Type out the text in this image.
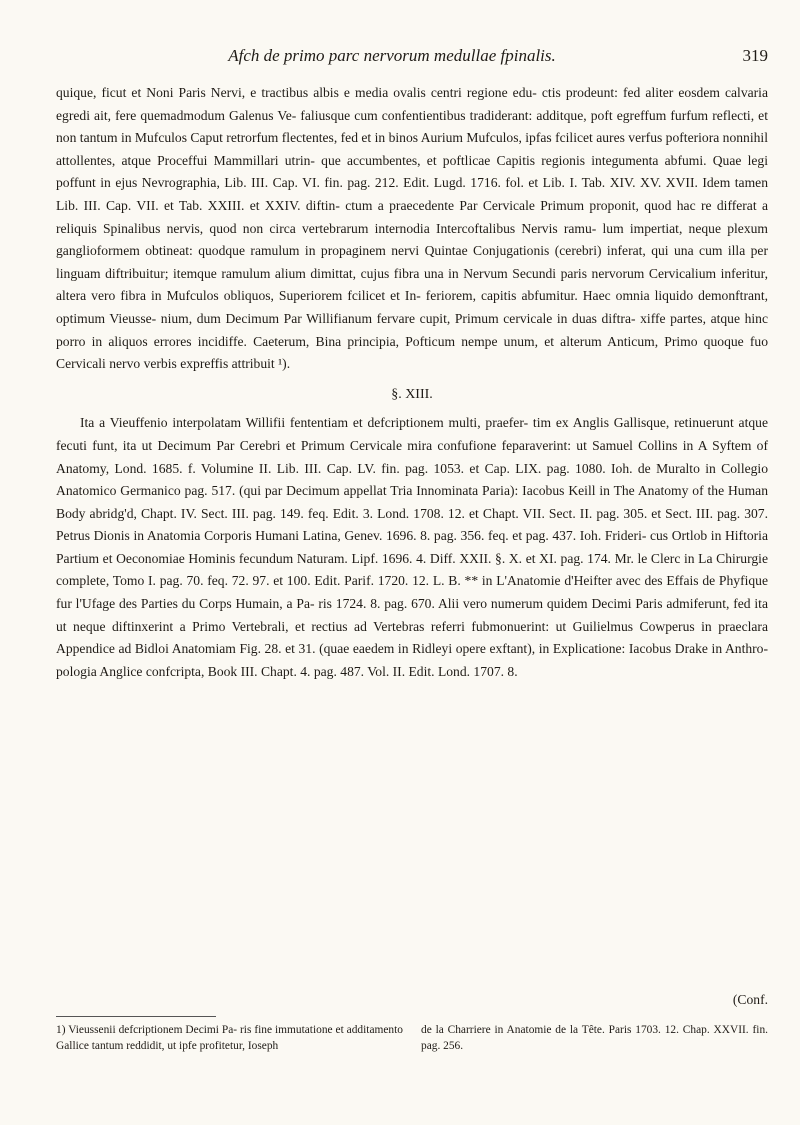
Afch de primo parc nervorum medullae fpinalis.	319

quique, ficut et Noni Paris Nervi, e tractibus albis e media ovalis centri regione edu- ctis prodeunt: fed aliter eosdem calvaria egredi ait, fere quemadmodum Galenus Ve- faliusque cum confentientibus tradiderant: additque, poft egreffum furfum reflecti, et non tantum in Mufculos Caput retrorfum flectentes, fed et in binos Aurium Mufculos, ipfas fcilicet aures verfus pofteriora nonnihil attollentes, atque Proceffui Mammillari utrin- que accumbentes, et poftlicae Capitis regionis integumenta abfumi. Quae legi poffunt in ejus Nevrographia, Lib. III. Cap. VI. fin. pag. 212. Edit. Lugd. 1716. fol. et Lib. I. Tab. XIV. XV. XVII. Idem tamen Lib. III. Cap. VII. et Tab. XXIII. et XXIV. diftin- ctum a praecedente Par Cervicale Primum proponit, quod hac re differat a reliquis Spinalibus nervis, quod non circa vertebrarum internodia Intercoftalibus Nervis ramu- lum impertiat, neque plexum ganglioformem obtineat: quodque ramulum in propaginem nervi Quintae Conjugationis (cerebri) inferat, qui una cum illa per linguam diftribuitur; itemque ramulum alium dimittat, cujus fibra una in Nervum Secundi paris nervorum Cervicalium inferitur, altera vero fibra in Mufculos obliquos, Superiorem fcilicet et In- feriorem, capitis abfumitur. Haec omnia liquido demonftrant, optimum Vieusse- nium, dum Decimum Par Willifianum fervare cupit, Primum cervicale in duas diftra- xiffe partes, atque hinc porro in aliquos errores incidiffe. Caeterum, Bina principia, Pofticum nempe unum, et alterum Anticum, Primo quoque fuo Cervicali nervo verbis expreffis attribuit ¹).

§. XIII.

Ita a Vieuffenio interpolatam Willifii fententiam et defcriptionem multi, praefer- tim ex Anglis Gallisque, retinuerunt atque fecuti funt, ita ut Decimum Par Cerebri et Primum Cervicale mira confufione feparaverint: ut Samuel Collins in A Syftem of Anatomy, Lond. 1685. f. Volumine II. Lib. III. Cap. LV. fin. pag. 1053. et Cap. LIX. pag. 1080. Ioh. de Muralto in Collegio Anatomico Germanico pag. 517. (qui par Decimum appellat Tria Innominata Paria): Iacobus Keill in The Anatomy of the Human Body abridg'd, Chapt. IV. Sect. III. pag. 149. feq. Edit. 3. Lond. 1708. 12. et Chapt. VII. Sect. II. pag. 305. et Sect. III. pag. 307. Petrus Dionis in Anatomia Corporis Humani Latina, Genev. 1696. 8. pag. 356. feq. et pag. 437. Ioh. Frideri- cus Ortlob in Hiftoria Partium et Oeconomiae Hominis fecundum Naturam. Lipf. 1696. 4. Diff. XXII. §. X. et XI. pag. 174. Mr. le Clerc in La Chirurgie complete, Tomo I. pag. 70. feq. 72. 97. et 100. Edit. Parif. 1720. 12. L. B. ** in L'Anatomie d'Heifter avec des Effais de Phyfique fur l'Ufage des Parties du Corps Humain, a Pa- ris 1724. 8. pag. 670. Alii vero numerum quidem Decimi Paris admiferunt, fed ita ut neque diftinxerint a Primo Vertebrali, et rectius ad Vertebras referri fubmonuerint: ut Guilielmus Cowperus in praeclara Appendice ad Bidloi Anatomiam Fig. 28. et 31. (quae eaedem in Ridleyi opere exftant), in Explicatione: Iacobus Drake in Anthro- pologia Anglice confcripta, Book III. Chapt. 4. pag. 487. Vol. II. Edit. Lond. 1707. 8.

(Conf.

1) Vieussenii defcriptionem Decimi Pa- ris fine immutatione et additamento Gallice tantum reddidit, ut ipfe profitetur, Ioseph

de la Charriere in Anatomie de la Tête. Paris 1703. 12. Chap. XXVII. fin. pag. 256.
